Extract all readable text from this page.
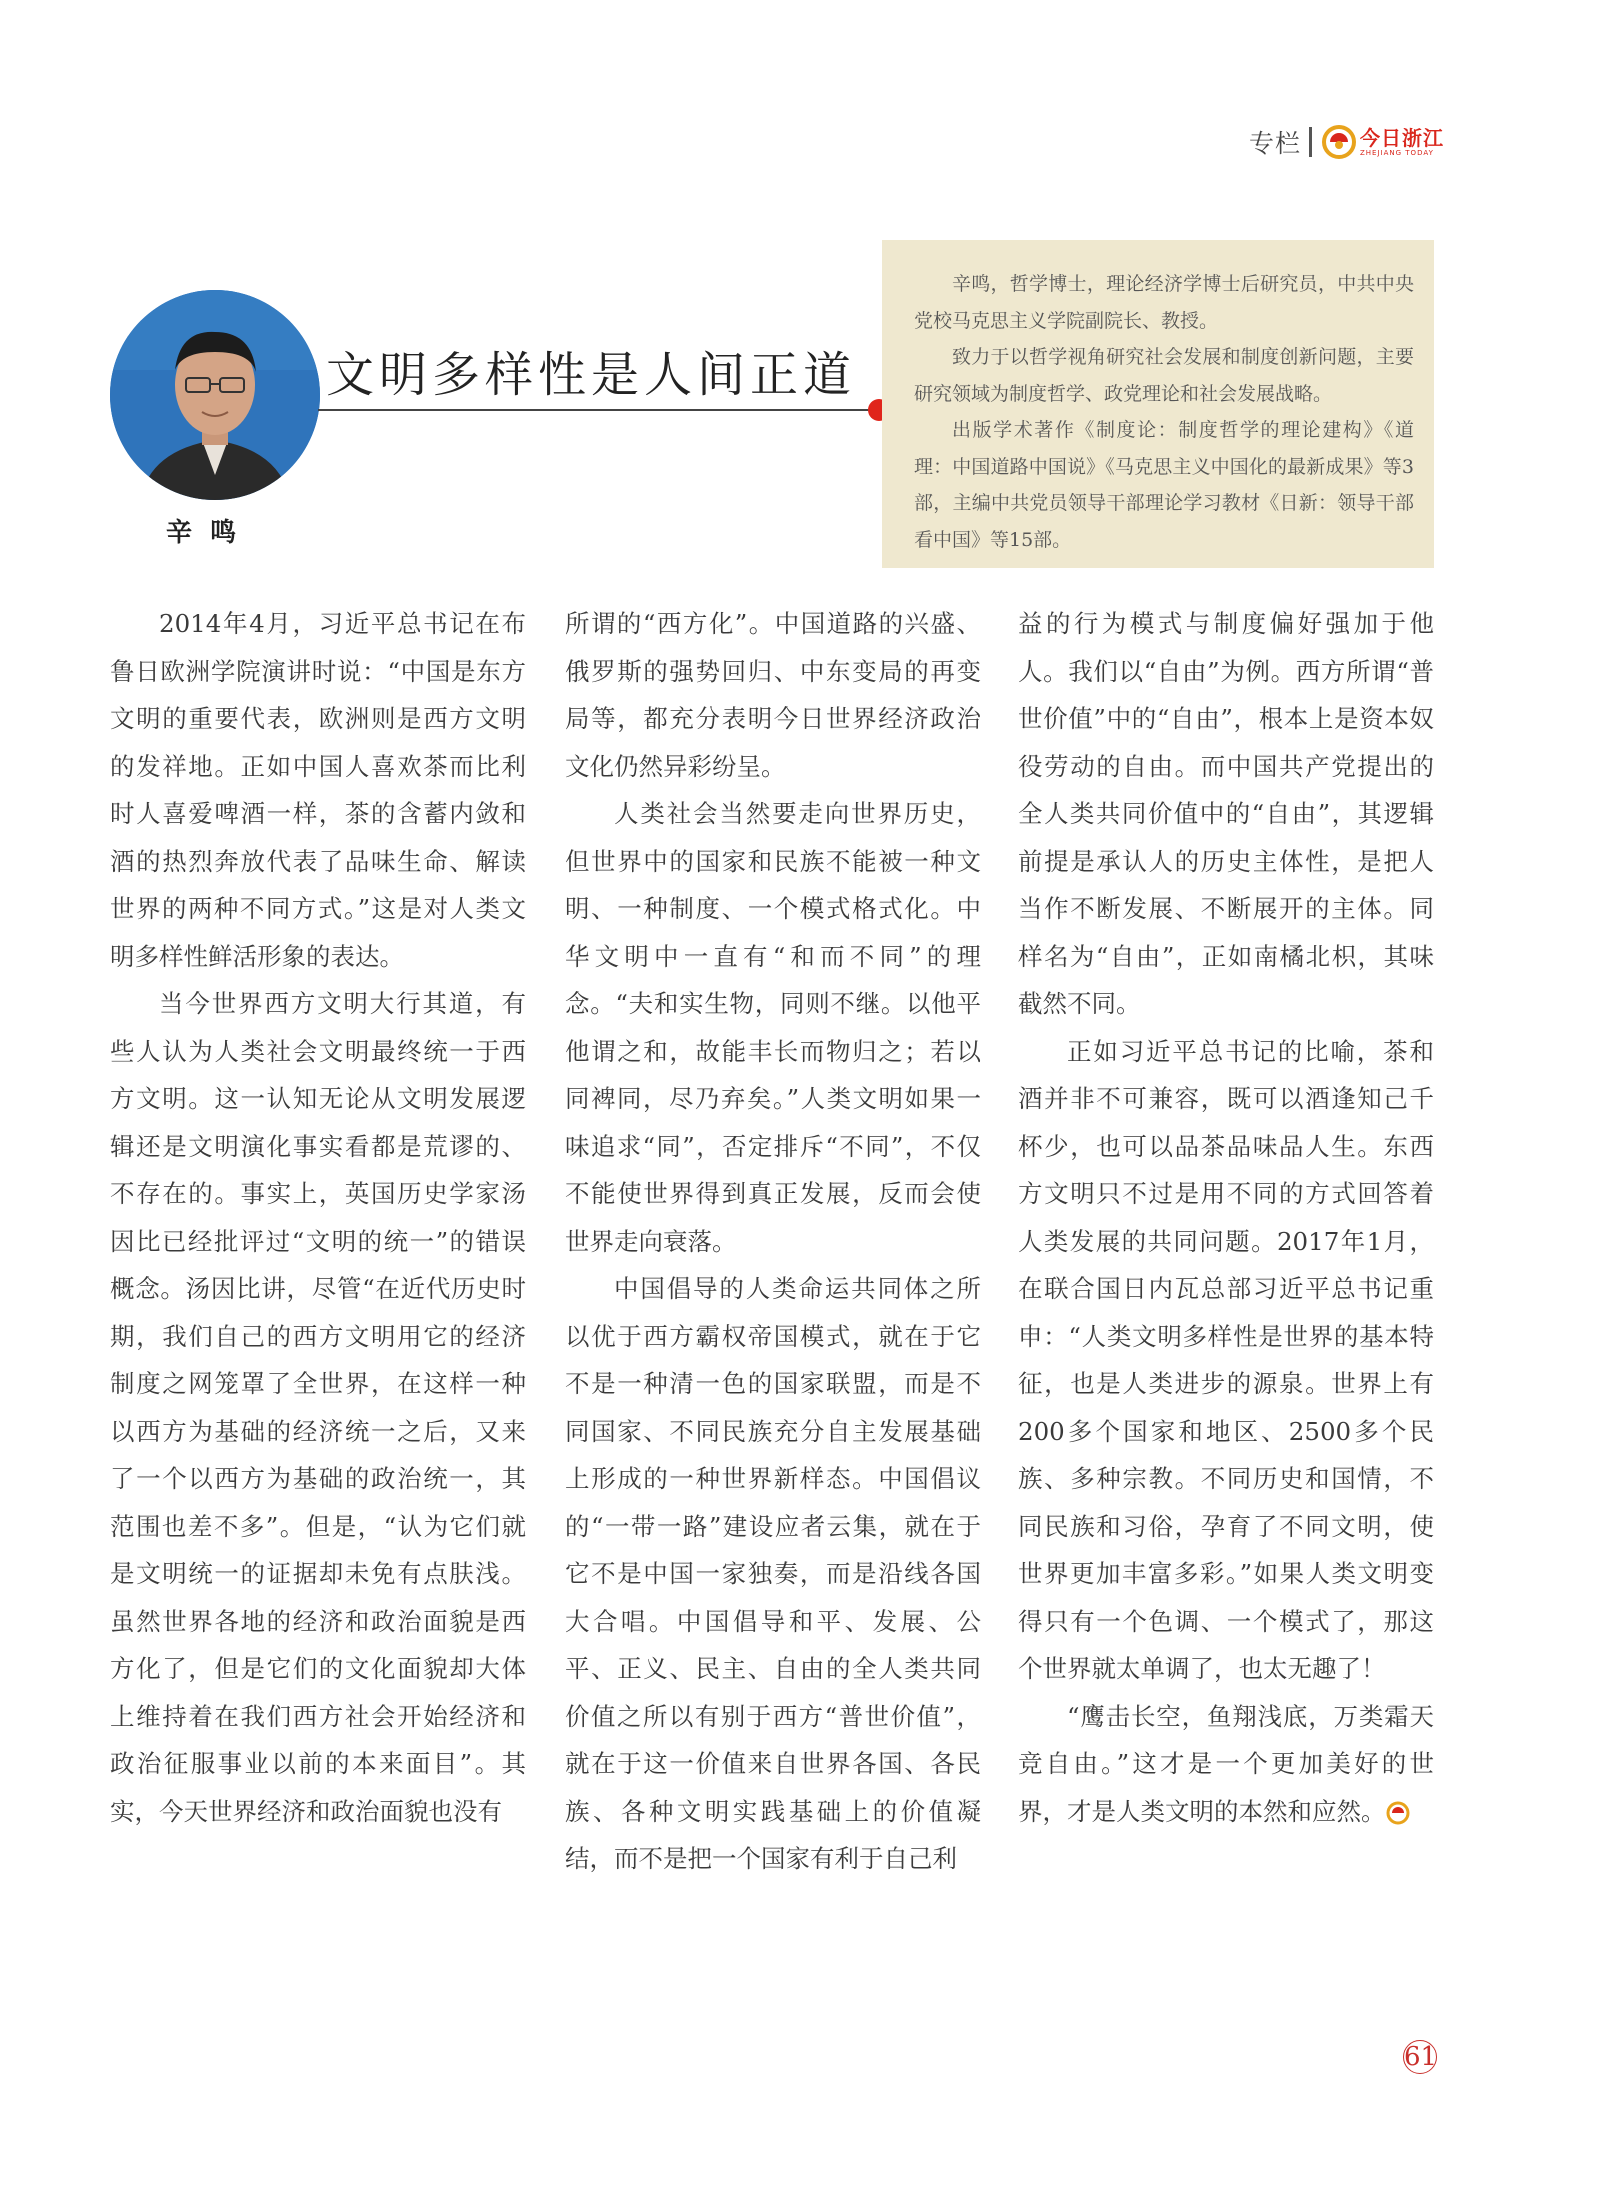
专栏	今日浙江
ZHEJIANG TODAY
辛鸣
文明多样性是人间正道

辛鸣，哲学博士，理论经济学博士后研究员，中共中央党校马克思主义学院副院长、教授。

致力于以哲学视角研究社会发展和制度创新问题，主要研究领域为制度哲学、政党理论和社会发展战略。

出版学术著作《制度论：制度哲学的理论建构》《道理：中国道路中国说》《马克思主义中国化的最新成果》等3部，主编中共党员领导干部理论学习教材《日新：领导干部看中国》等15部。

2014年4月，习近平总书记在布鲁日欧洲学院演讲时说：“中国是东方文明的重要代表，欧洲则是西方文明的发祥地。正如中国人喜欢茶而比利时人喜爱啤酒一样，茶的含蓄内敛和酒的热烈奔放代表了品味生命、解读世界的两种不同方式。”这是对人类文明多样性鲜活形象的表达。

当今世界西方文明大行其道，有些人认为人类社会文明最终统一于西方文明。这一认知无论从文明发展逻辑还是文明演化事实看都是荒谬的、不存在的。事实上，英国历史学家汤因比已经批评过“文明的统一”的错误概念。汤因比讲，尽管“在近代历史时期，我们自己的西方文明用它的经济制度之网笼罩了全世界，在这样一种以西方为基础的经济统一之后，又来了一个以西方为基础的政治统一，其范围也差不多”。但是，“认为它们就是文明统一的证据却未免有点肤浅。虽然世界各地的经济和政治面貌是西方化了，但是它们的文化面貌却大体上维持着在我们西方社会开始经济和政治征服事业以前的本来面目”。其实，今天世界经济和政治面貌也没有

所谓的“西方化”。中国道路的兴盛、俄罗斯的强势回归、中东变局的再变局等，都充分表明今日世界经济政治文化仍然异彩纷呈。

人类社会当然要走向世界历史，但世界中的国家和民族不能被一种文明、一种制度、一个模式格式化。中华文明中一直有“和而不同”的理念。“夫和实生物，同则不继。以他平他谓之和，故能丰长而物归之；若以同裨同，尽乃弃矣。”人类文明如果一味追求“同”，否定排斥“不同”，不仅不能使世界得到真正发展，反而会使世界走向衰落。

中国倡导的人类命运共同体之所以优于西方霸权帝国模式，就在于它不是一种清一色的国家联盟，而是不同国家、不同民族充分自主发展基础上形成的一种世界新样态。中国倡议的“一带一路”建设应者云集，就在于它不是中国一家独奏，而是沿线各国大合唱。中国倡导和平、发展、公平、正义、民主、自由的全人类共同价值之所以有别于西方“普世价值”，就在于这一价值来自世界各国、各民族、各种文明实践基础上的价值凝结，而不是把一个国家有利于自己利

益的行为模式与制度偏好强加于他人。我们以“自由”为例。西方所谓“普世价值”中的“自由”，根本上是资本奴役劳动的自由。而中国共产党提出的全人类共同价值中的“自由”，其逻辑前提是承认人的历史主体性，是把人当作不断发展、不断展开的主体。同样名为“自由”，正如南橘北枳，其味截然不同。

正如习近平总书记的比喻，茶和酒并非不可兼容，既可以酒逢知己千杯少，也可以品茶品味品人生。东西方文明只不过是用不同的方式回答着人类发展的共同问题。2017年1月，在联合国日内瓦总部习近平总书记重申：“人类文明多样性是世界的基本特征，也是人类进步的源泉。世界上有200多个国家和地区、2500多个民族、多种宗教。不同历史和国情，不同民族和习俗，孕育了不同文明，使世界更加丰富多彩。”如果人类文明变得只有一个色调、一个模式了，那这个世界就太单调了，也太无趣了！

“鹰击长空，鱼翔浅底，万类霜天竞自由。”这才是一个更加美好的世界，才是人类文明的本然和应然。

61
